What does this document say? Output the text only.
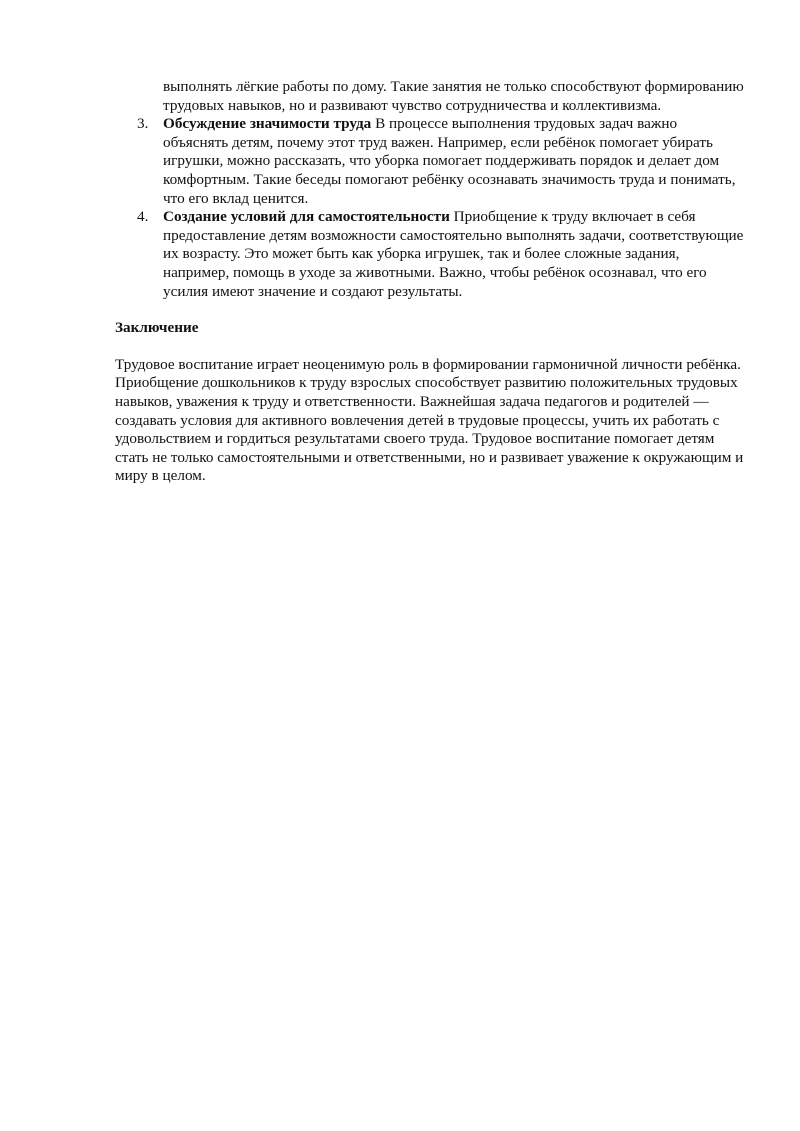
выполнять лёгкие работы по дому. Такие занятия не только способствуют формированию трудовых навыков, но и развивают чувство сотрудничества и коллективизма.

3. Обсуждение значимости труда В процессе выполнения трудовых задач важно объяснять детям, почему этот труд важен. Например, если ребёнок помогает убирать игрушки, можно рассказать, что уборка помогает поддерживать порядок и делает дом комфортным. Такие беседы помогают ребёнку осознавать значимость труда и понимать, что его вклад ценится.
4. Создание условий для самостоятельности Приобщение к труду включает в себя предоставление детям возможности самостоятельно выполнять задачи, соответствующие их возрасту. Это может быть как уборка игрушек, так и более сложные задания, например, помощь в уходе за животными. Важно, чтобы ребёнок осознавал, что его усилия имеют значение и создают результаты.
Заключение

Трудовое воспитание играет неоценимую роль в формировании гармоничной личности ребёнка. Приобщение дошкольников к труду взрослых способствует развитию положительных трудовых навыков, уважения к труду и ответственности. Важнейшая задача педагогов и родителей — создавать условия для активного вовлечения детей в трудовые процессы, учить их работать с удовольствием и гордиться результатами своего труда. Трудовое воспитание помогает детям стать не только самостоятельными и ответственными, но и развивает уважение к окружающим и миру в целом.
